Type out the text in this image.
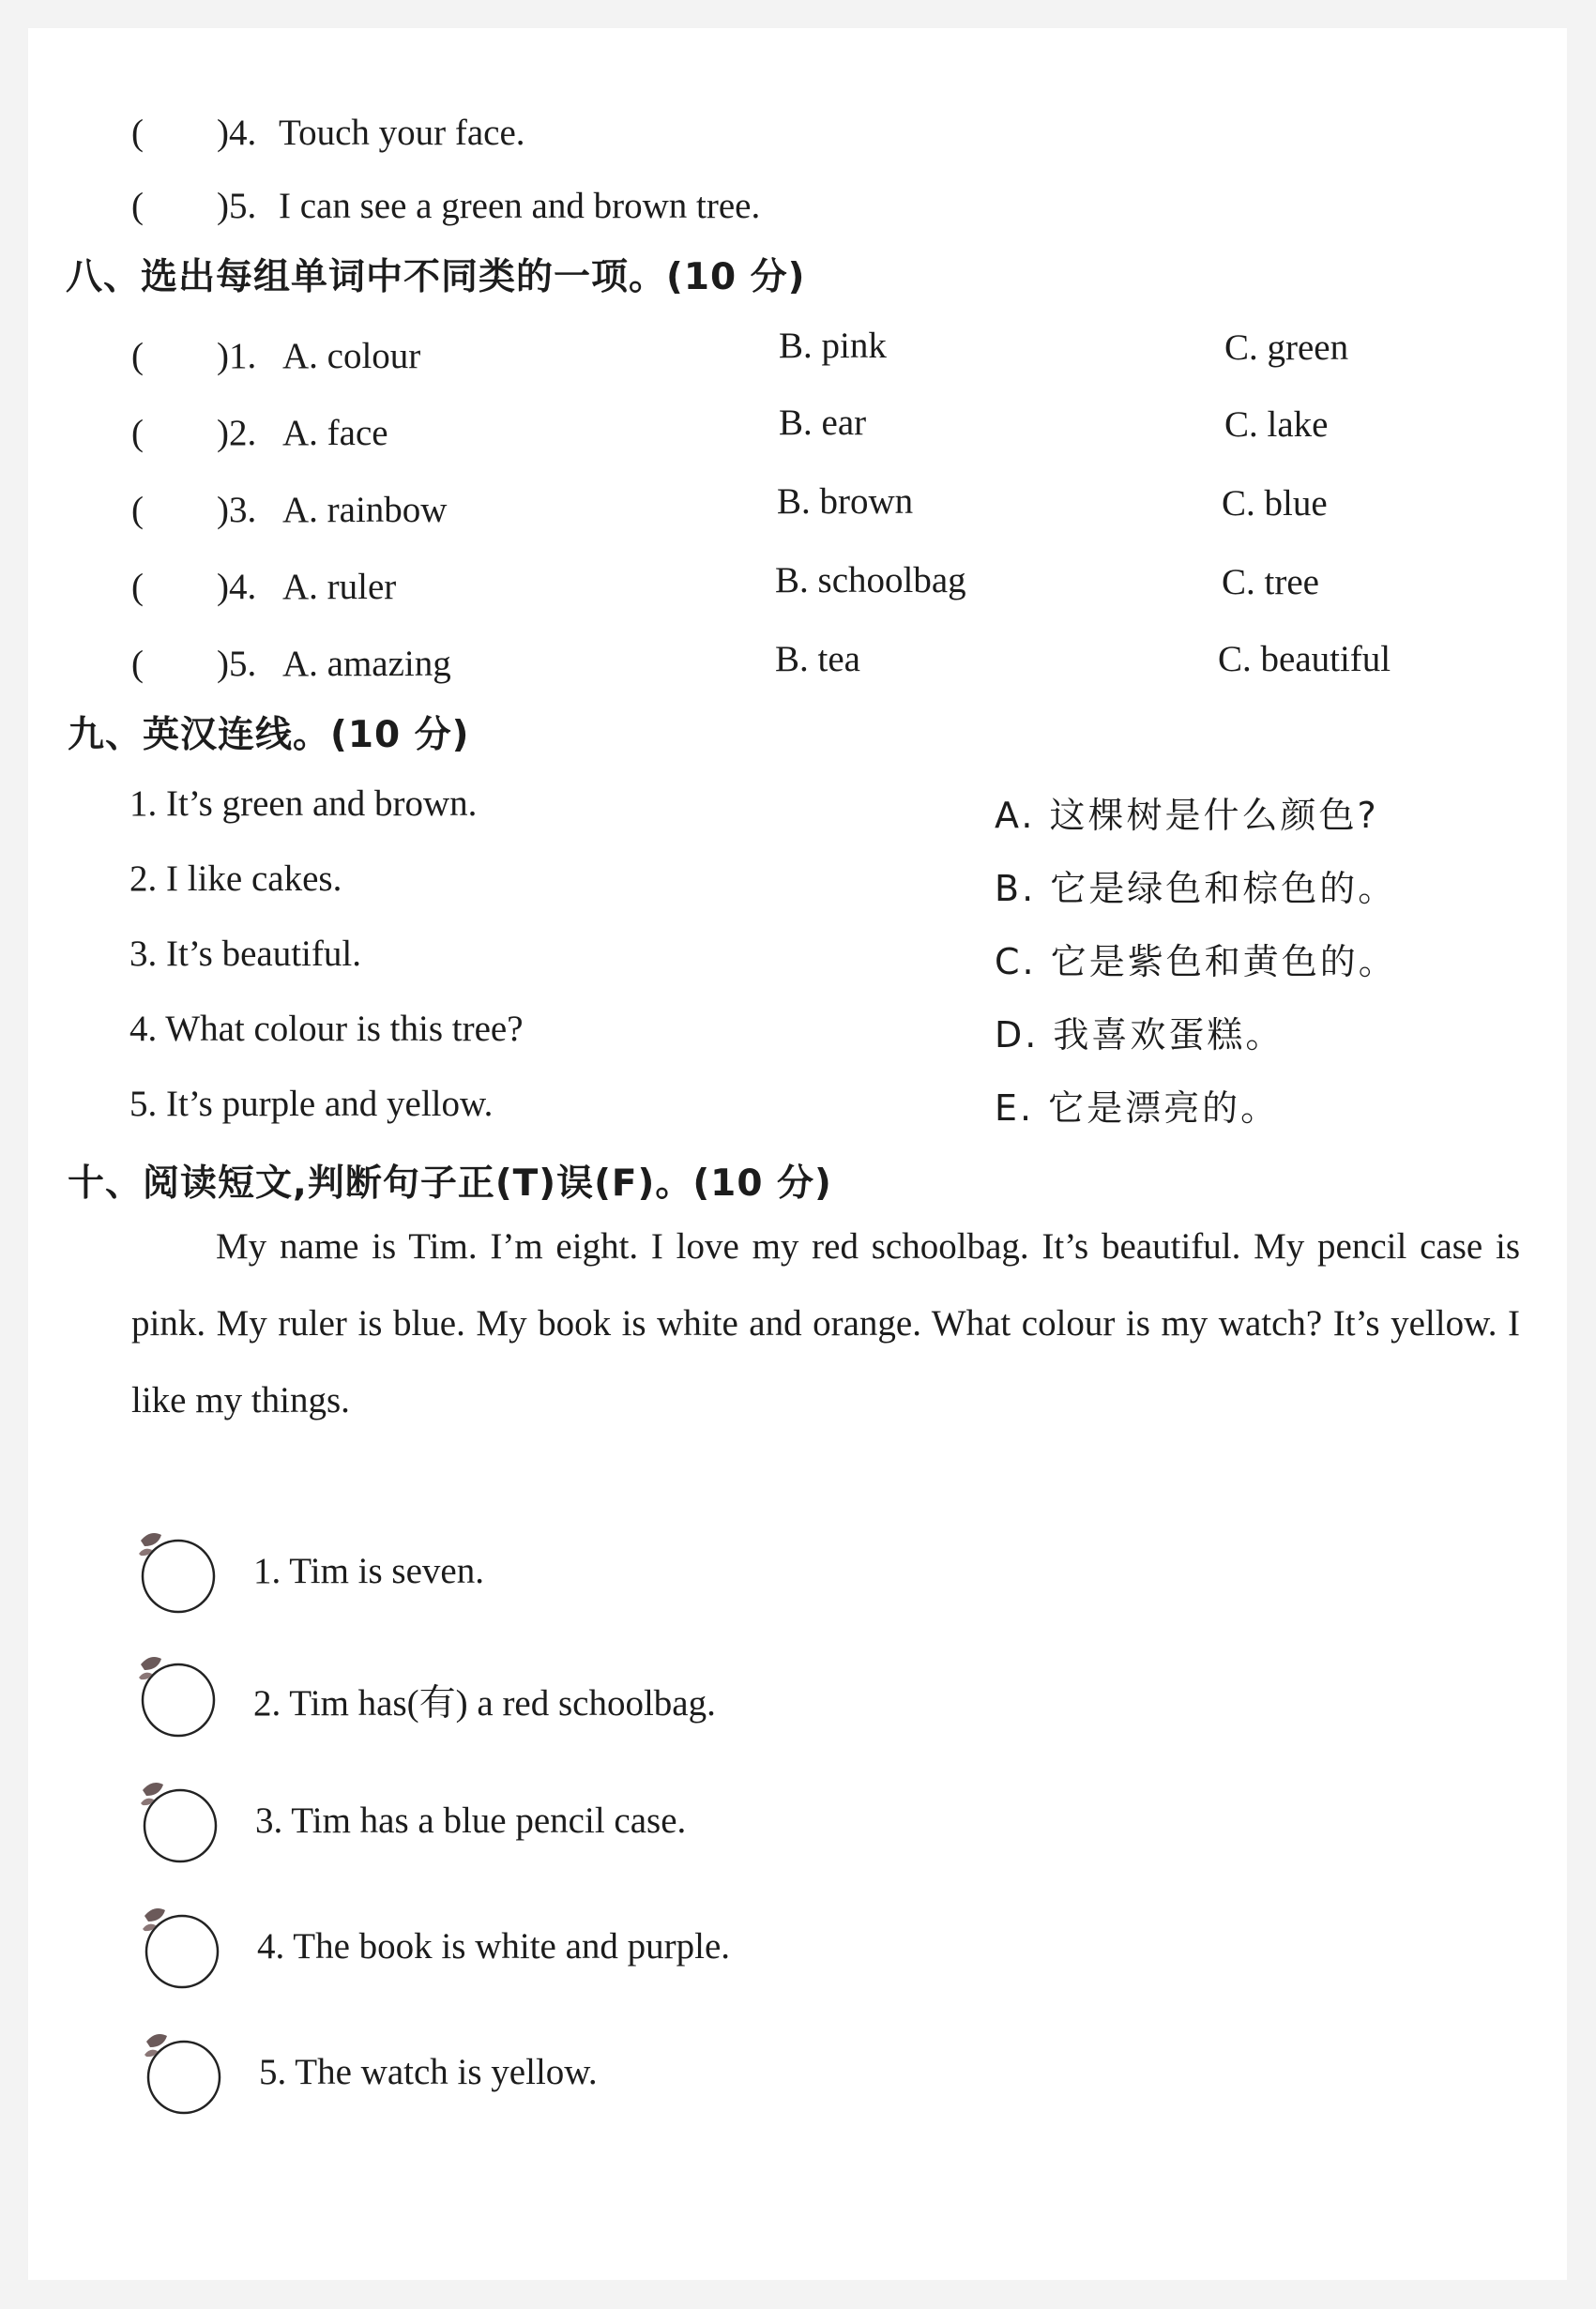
(　　)4. Touch your face.
(　　)5. I can see a green and brown tree.
八、选出每组单词中不同类的一项。(10 分)
(　　)1. A. colour	B. pink	C. green
(　　)2. A. face	B. ear	C. lake
(　　)3. A. rainbow	B. brown	C. blue
(　　)4. A. ruler	B. schoolbag	C. tree
(　　)5. A. amazing	B. tea	C. beautiful
九、英汉连线。(10 分)
1. It’s green and brown.
2. I like cakes.
3. It’s beautiful.
4. What colour is this tree?
5. It’s purple and yellow.
A. 这棵树是什么颜色?
B. 它是绿色和棕色的。
C. 它是紫色和黄色的。
D. 我喜欢蛋糕。
E. 它是漂亮的。
十、阅读短文,判断句子正(T)误(F)。(10 分)
My name is Tim. I’m eight. I love my red schoolbag. It’s beautiful. My pencil case is pink. My ruler is blue. My book is white and orange. What colour is my watch? It’s yellow. I like my things.
1. Tim is seven.
2. Tim has(有) a red schoolbag.
3. Tim has a blue pencil case.
4. The book is white and purple.
5. The watch is yellow.
